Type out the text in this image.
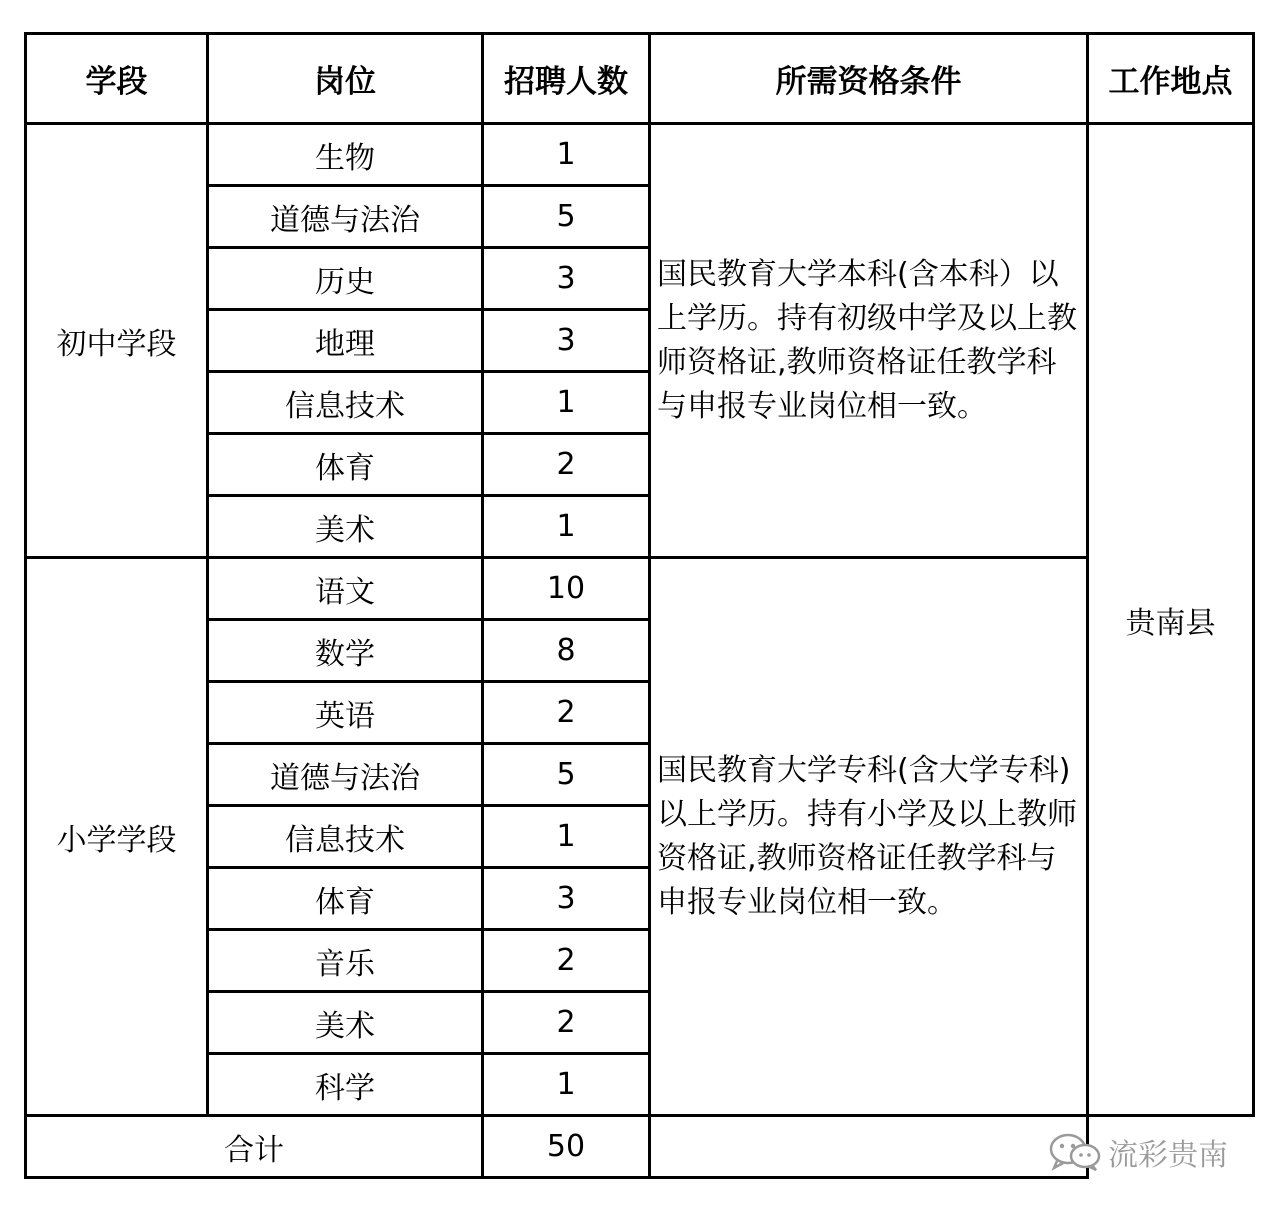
学段	岗位	招聘人数	所需资格条件	工作地点
初中学段	生物	1	国民教育大学本科(含本科）以上学历。持有初级中学及以上教师资格证,教师资格证任教学科与申报专业岗位相一致。	贵南县
	道德与法治	5		
	历史	3		
	地理	3		
	信息技术	1		
	体育	2		
	美术	1		
小学学段	语文	10	国民教育大学专科(含大学专科)以上学历。持有小学及以上教师资格证,教师资格证任教学科与申报专业岗位相一致。	
	数学	8		
	英语	2		
	道德与法治	5		
	信息技术	1		
	体育	3		
	音乐	2		
	美术	2		
	科学	1		
合计		50			流彩贵南
